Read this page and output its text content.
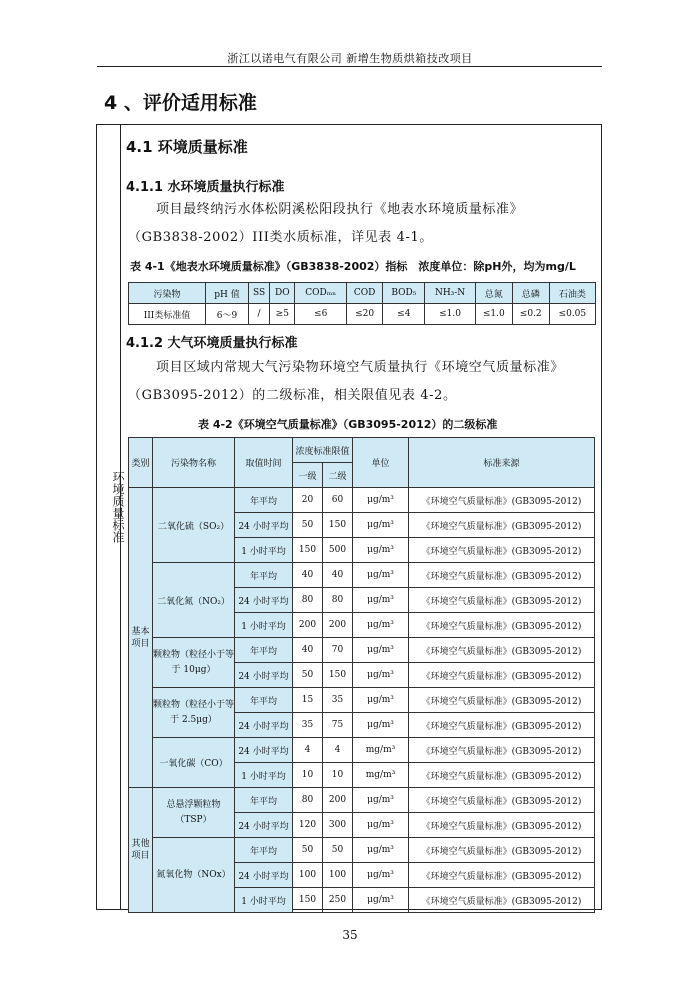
浙江以诺电气有限公司 新增生物质烘箱技改项目
4 、评价适用标准
环境质量标准
4.1 环境质量标准
4.1.1 水环境质量执行标准
项目最终纳污水体松阴溪松阳段执行《地表水环境质量标准》
（GB3838-2002）III类水质标准，详见表 4-1。
表 4-1《地表水环境质量标准》（GB3838-2002）指标　浓度单位：除pH外，均为mg/L
污染物	pH 值	SS	DO	CODₘₙ	COD	BOD₅	NH₃-N	总氮	总磷	石油类
III类标准值	6～9	/	≥5	≤6	≤20	≤4	≤1.0	≤1.0	≤0.2	≤0.05
4.1.2 大气环境质量执行标准
项目区域内常规大气污染物环境空气质量执行《环境空气质量标准》
（GB3095-2012）的二级标准，相关限值见表 4-2。
表 4-2《环境空气质量标准》（GB3095-2012）的二级标准
类别	污染物名称	取值时间	浓度标准限值		单位	标准来源
			一级	二级		
基本项目	二氧化硫（SO₂）	年平均	20	60	μg/m³	《环境空气质量标准》(GB3095-2012)
		24 小时平均	50	150	μg/m³	《环境空气质量标准》(GB3095-2012)
		1 小时平均	150	500	μg/m³	《环境空气质量标准》(GB3095-2012)
	二氧化氮（NO₂）	年平均	40	40	μg/m³	《环境空气质量标准》(GB3095-2012)
		24 小时平均	80	80	μg/m³	《环境空气质量标准》(GB3095-2012)
		1 小时平均	200	200	μg/m³	《环境空气质量标准》(GB3095-2012)
	颗粒物（粒径小于等于 10μg）	年平均	40	70	μg/m³	《环境空气质量标准》(GB3095-2012)
		24 小时平均	50	150	μg/m³	《环境空气质量标准》(GB3095-2012)
	颗粒物（粒径小于等于 2.5μg）	年平均	15	35	μg/m³	《环境空气质量标准》(GB3095-2012)
		24 小时平均	35	75	μg/m³	《环境空气质量标准》(GB3095-2012)
	一氧化碳（CO）	24 小时平均	4	4	mg/m³	《环境空气质量标准》(GB3095-2012)
		1 小时平均	10	10	mg/m³	《环境空气质量标准》(GB3095-2012)
其他项目	总悬浮颗粒物（TSP）	年平均	80	200	μg/m³	《环境空气质量标准》(GB3095-2012)
		24 小时平均	120	300	μg/m³	《环境空气质量标准》(GB3095-2012)
	氮氧化物（NOx）	年平均	50	50	μg/m³	《环境空气质量标准》(GB3095-2012)
		24 小时平均	100	100	μg/m³	《环境空气质量标准》(GB3095-2012)
		1 小时平均	150	250	μg/m³	《环境空气质量标准》(GB3095-2012)
35
